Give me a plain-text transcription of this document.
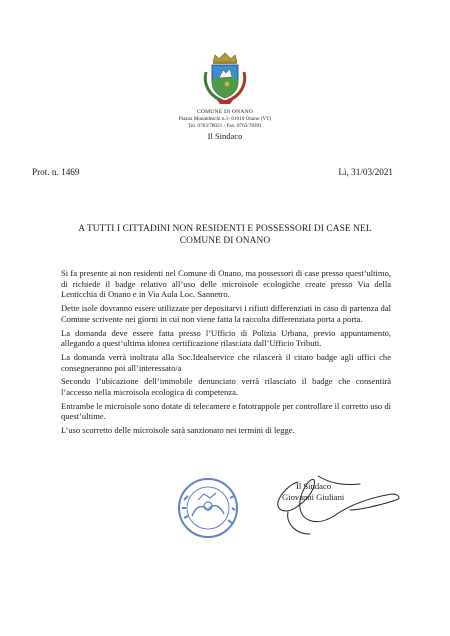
COMUNE DI ONANO
Piazza Monaldeschi n.1- 01010 Onano (VT)
Tel. 0763/78021 - Fax. 0763/78391
Il Sindaco
Prot. n. 1469	Lì, 31/03/2021
A TUTTI I CITTADINI NON RESIDENTI E POSSESSORI DI CASE NEL
COMUNE DI ONANO

Si fa presente ai non residenti nel Comune di Onano, ma possessori di case presso quest’ultimo, di richiede il badge relativo all’uso delle microisole ecologiche create presso Via della Lenticchia di Onano e in Via Aula Loc. Sannetro.

Dette isole dovranno essere utilizzate per depositarvi i rifiuti differenziati in caso di partenza dal Comune scrivente nei giorni in cui non viene fatta la raccolta differenziata porta a porta.

La domanda deve essere fatta presso l’Ufficio di Polizia Urbana, previo appuntamento, allegando a quest’ultima idonea certificazione rilasciata dall’Ufficio Tributi.

La domanda verrà inoltrata alla Soc.Idealservice che rilascerà il citato badge agli uffici che consegneranno poi all’interessato/a

Secondo l’ubicazione dell’immobile denunciato verrà rilasciato il badge che consentirà l’accesso nella microisola ecologica di competenza.

Entrambe le microisole sono dotate di telecamere e fototrappole per controllare il corretto uso di quest’ultime.

L’uso scorretto delle microisole sarà sanzionato nei termini di legge.

Il Sindaco
Giovanni Giuliani
